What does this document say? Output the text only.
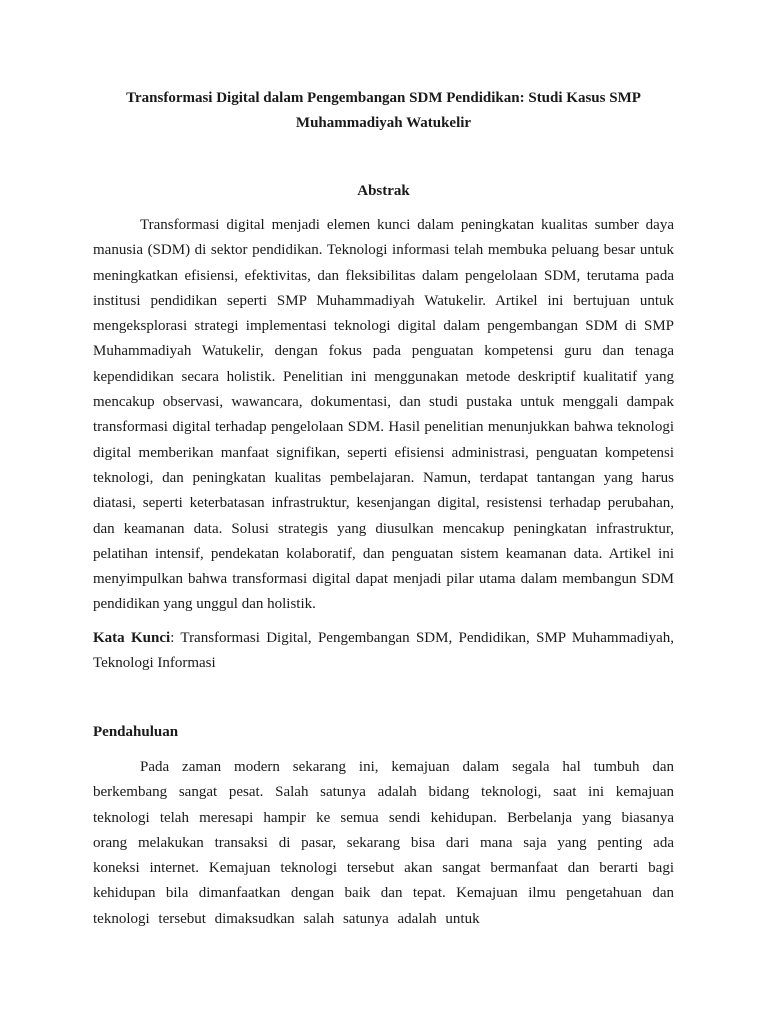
Transformasi Digital dalam Pengembangan SDM Pendidikan: Studi Kasus SMP Muhammadiyah Watukelir
Abstrak

Transformasi digital menjadi elemen kunci dalam peningkatan kualitas sumber daya manusia (SDM) di sektor pendidikan. Teknologi informasi telah membuka peluang besar untuk meningkatkan efisiensi, efektivitas, dan fleksibilitas dalam pengelolaan SDM, terutama pada institusi pendidikan seperti SMP Muhammadiyah Watukelir. Artikel ini bertujuan untuk mengeksplorasi strategi implementasi teknologi digital dalam pengembangan SDM di SMP Muhammadiyah Watukelir, dengan fokus pada penguatan kompetensi guru dan tenaga kependidikan secara holistik. Penelitian ini menggunakan metode deskriptif kualitatif yang mencakup observasi, wawancara, dokumentasi, dan studi pustaka untuk menggali dampak transformasi digital terhadap pengelolaan SDM. Hasil penelitian menunjukkan bahwa teknologi digital memberikan manfaat signifikan, seperti efisiensi administrasi, penguatan kompetensi teknologi, dan peningkatan kualitas pembelajaran. Namun, terdapat tantangan yang harus diatasi, seperti keterbatasan infrastruktur, kesenjangan digital, resistensi terhadap perubahan, dan keamanan data. Solusi strategis yang diusulkan mencakup peningkatan infrastruktur, pelatihan intensif, pendekatan kolaboratif, dan penguatan sistem keamanan data. Artikel ini menyimpulkan bahwa transformasi digital dapat menjadi pilar utama dalam membangun SDM pendidikan yang unggul dan holistik.

Kata Kunci: Transformasi Digital, Pengembangan SDM, Pendidikan, SMP Muhammadiyah, Teknologi Informasi

Pendahuluan

Pada zaman modern sekarang ini, kemajuan dalam segala hal tumbuh dan berkembang sangat pesat. Salah satunya adalah bidang teknologi, saat ini kemajuan teknologi telah meresapi hampir ke semua sendi kehidupan. Berbelanja yang biasanya orang melakukan transaksi di pasar, sekarang bisa dari mana saja yang penting ada koneksi internet. Kemajuan teknologi tersebut akan sangat bermanfaat dan berarti bagi kehidupan bila dimanfaatkan dengan baik dan tepat. Kemajuan ilmu pengetahuan dan teknologi tersebut dimaksudkan salah satunya adalah untuk
